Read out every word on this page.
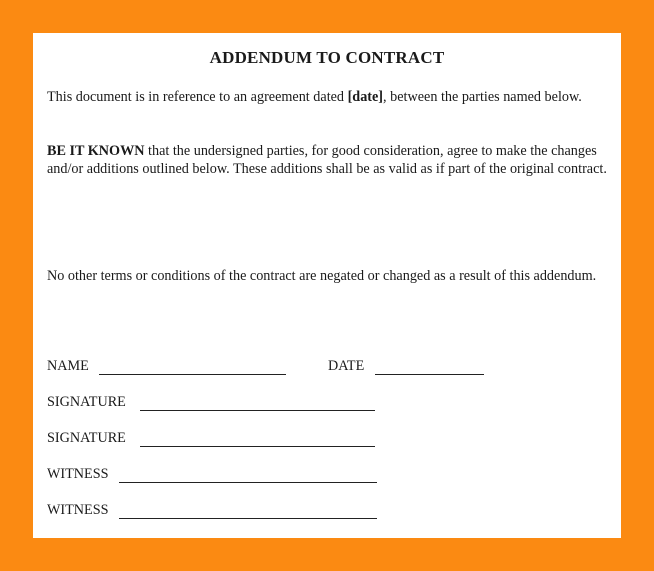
ADDENDUM TO CONTRACT
This document is in reference to an agreement dated [date], between the parties named below.
BE IT KNOWN that the undersigned parties, for good consideration, agree to make the changes and/or additions outlined below. These additions shall be as valid as if part of the original contract.
No other terms or conditions of the contract are negated or changed as a result of this addendum.
NAME	DATE
SIGNATURE
SIGNATURE
WITNESS
WITNESS
